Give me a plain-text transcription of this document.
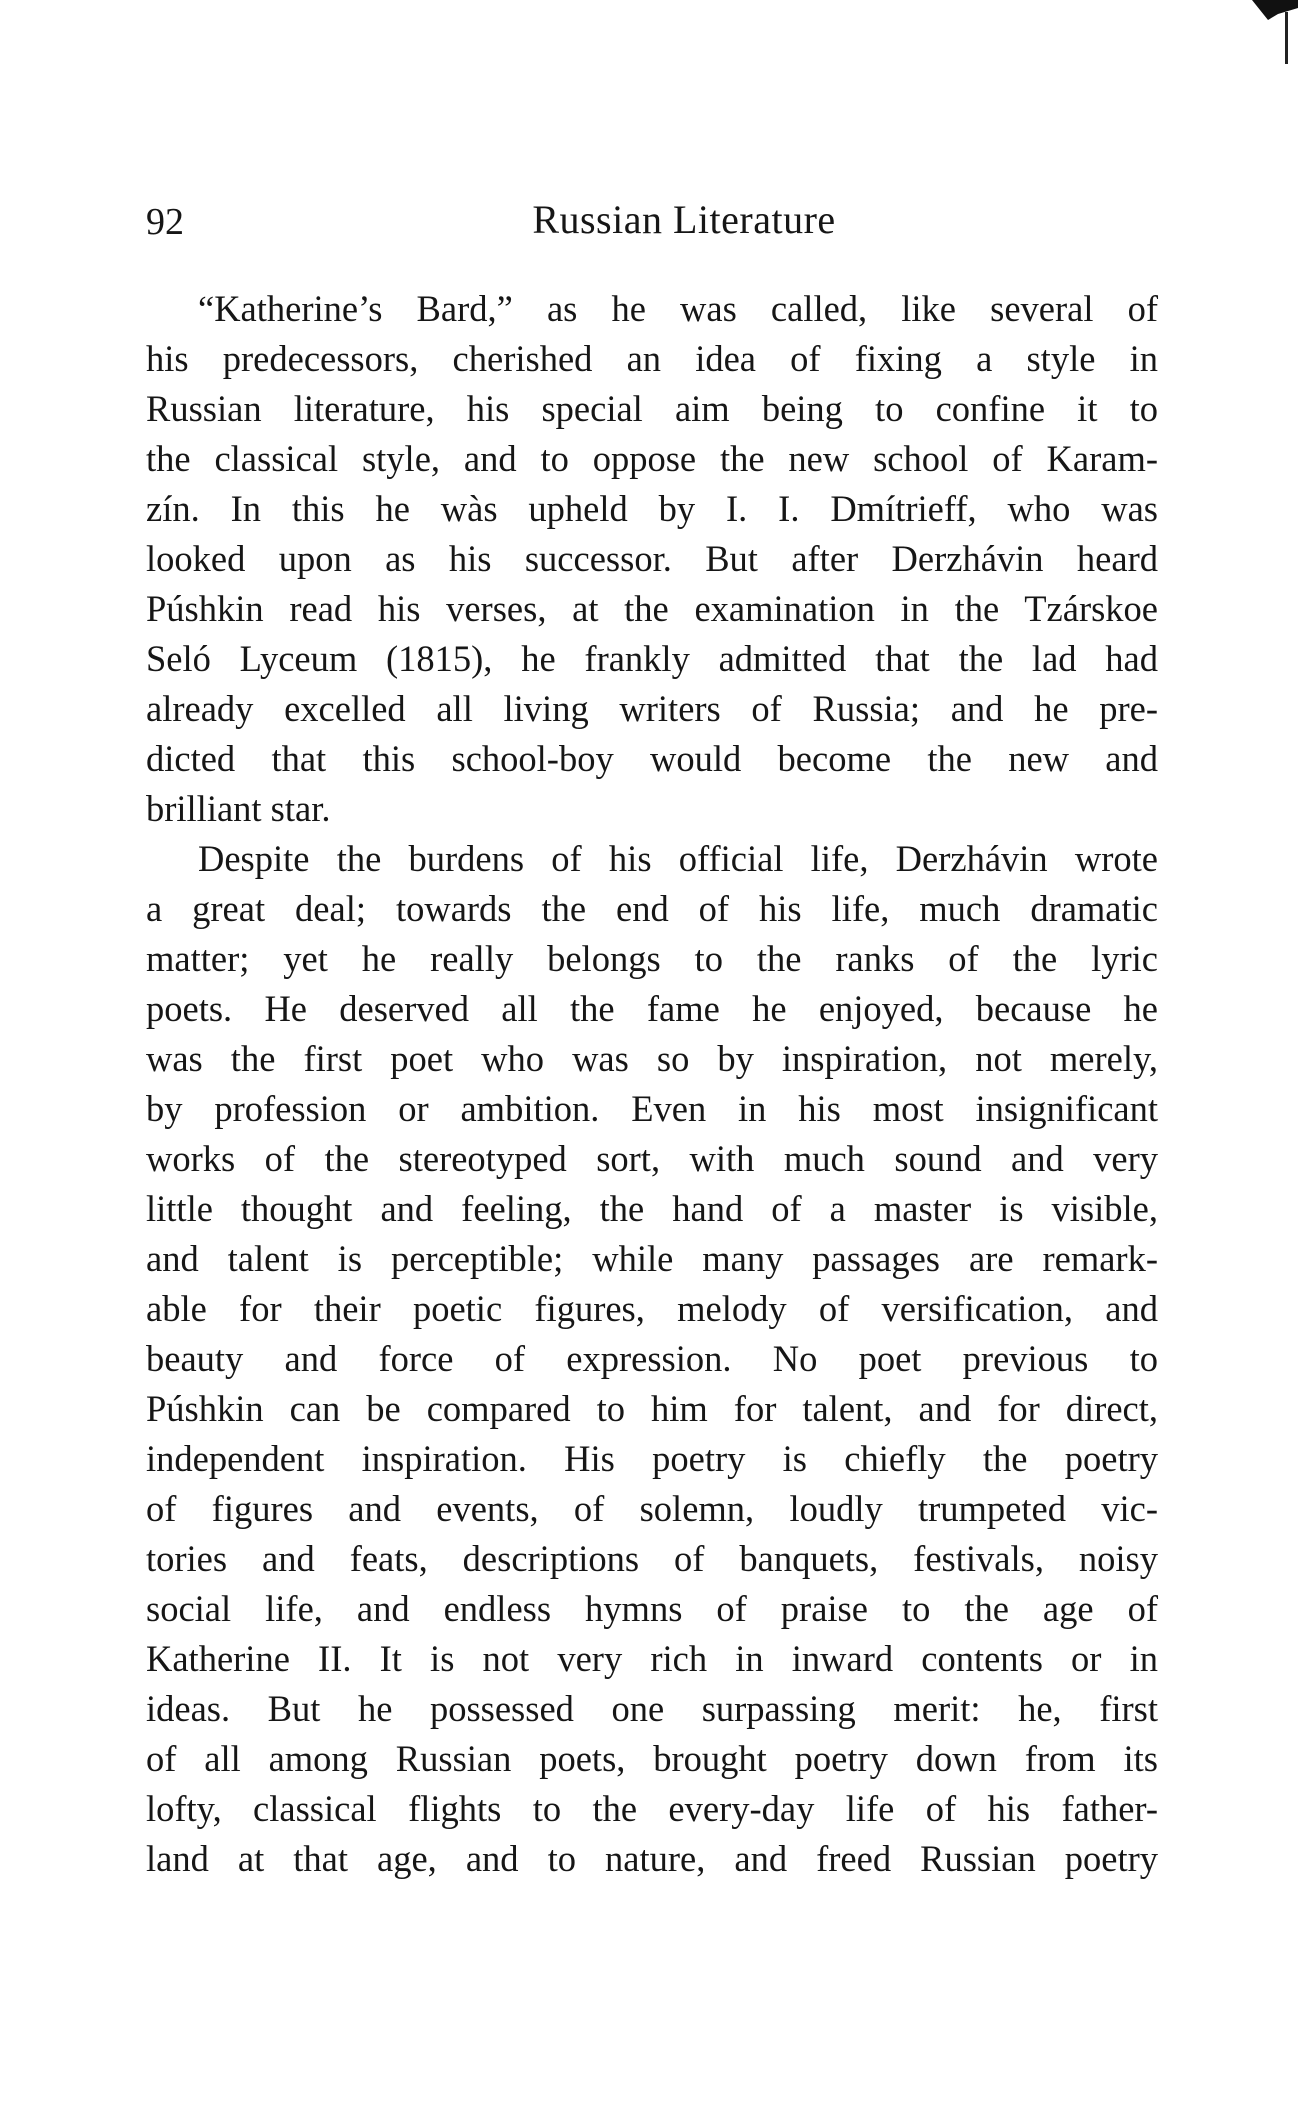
92	Russian Literature
“Katherine’s Bard,” as he was called, like several of
his predecessors, cherished an idea of fixing a style in
Russian literature, his special aim being to confine it to
the classical style, and to oppose the new school of Karam-
zín. In this he wàs upheld by I. I. Dmítrieff, who was
looked upon as his successor. But after Derzhávin heard
Púshkin read his verses, at the examination in the Tzárskoe
Seló Lyceum (1815), he frankly admitted that the lad had
already excelled all living writers of Russia; and he pre-
dicted that this school-boy would become the new and
brilliant star.
Despite the burdens of his official life, Derzhávin wrote
a great deal; towards the end of his life, much dramatic
matter; yet he really belongs to the ranks of the lyric
poets. He deserved all the fame he enjoyed, because he
was the first poet who was so by inspiration, not merely,
by profession or ambition. Even in his most insignificant
works of the stereotyped sort, with much sound and very
little thought and feeling, the hand of a master is visible,
and talent is perceptible; while many passages are remark-
able for their poetic figures, melody of versification, and
beauty and force of expression. No poet previous to
Púshkin can be compared to him for talent, and for direct,
independent inspiration. His poetry is chiefly the poetry
of figures and events, of solemn, loudly trumpeted vic-
tories and feats, descriptions of banquets, festivals, noisy
social life, and endless hymns of praise to the age of
Katherine II. It is not very rich in inward contents or in
ideas. But he possessed one surpassing merit: he, first
of all among Russian poets, brought poetry down from its
lofty, classical flights to the every-day life of his father-
land at that age, and to nature, and freed Russian poetry
